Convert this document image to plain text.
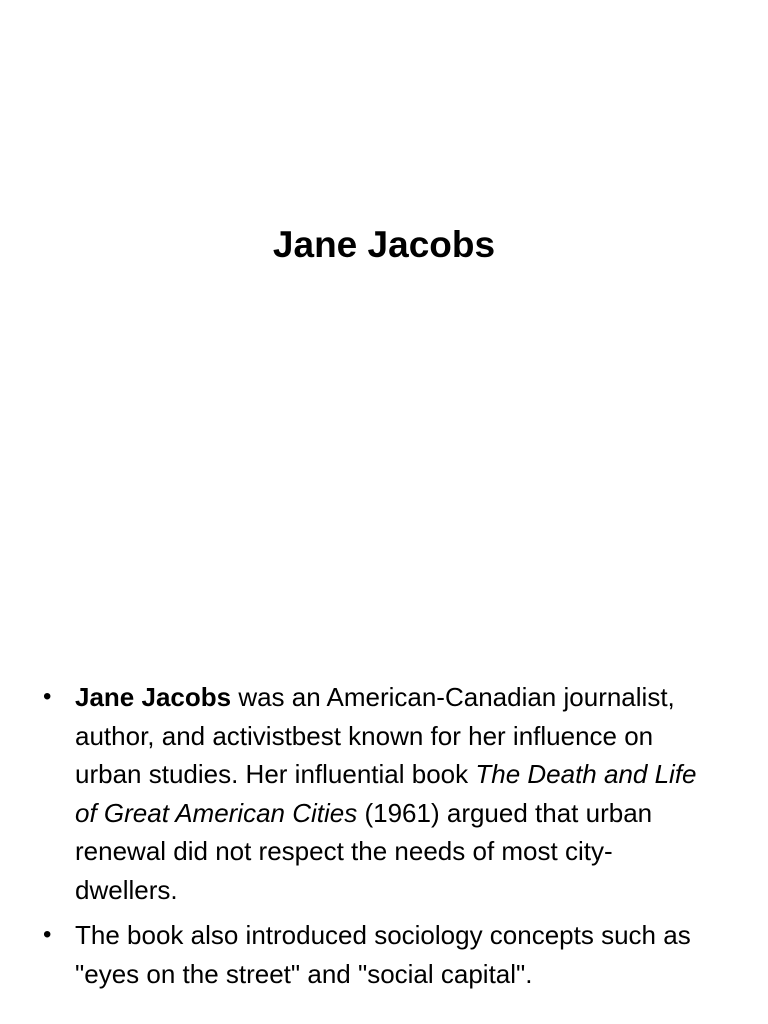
Jane Jacobs
• Jane Jacobs was an American-Canadian journalist, author, and activistbest known for her influence on urban studies. Her influential book The Death and Life of Great American Cities (1961) argued that urban renewal did not respect the needs of most city-dwellers.
• The book also introduced sociology concepts such as "eyes on the street" and "social capital".
